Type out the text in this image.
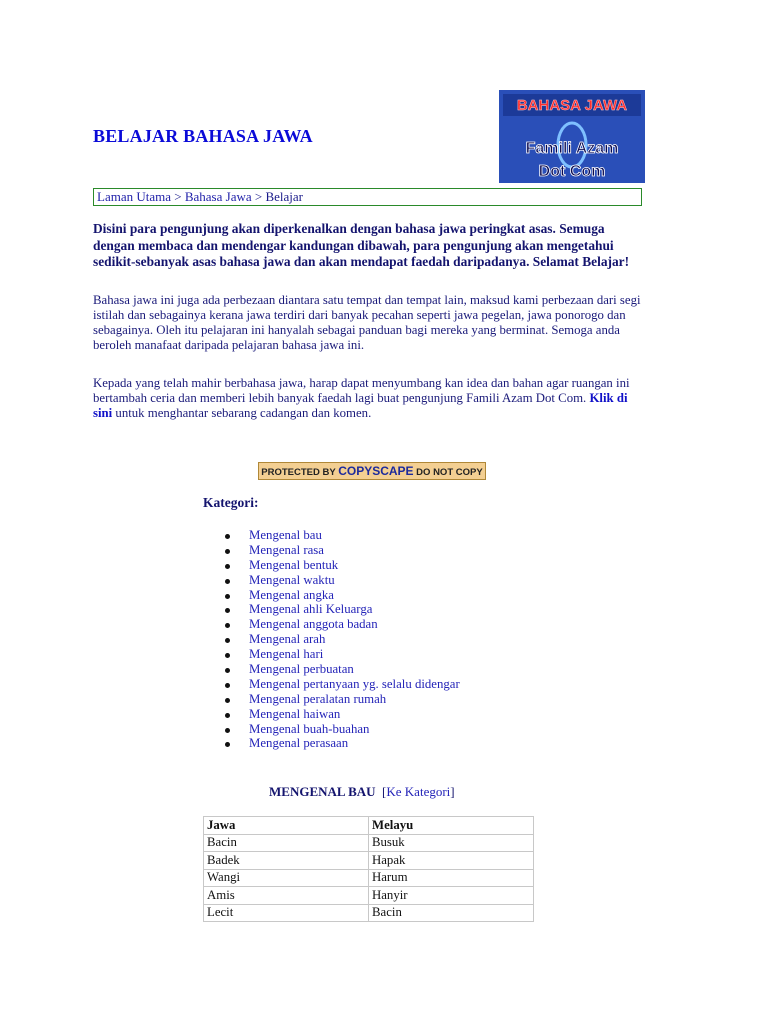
BELAJAR BAHASA JAWA
BAHASA JAWA
Famili Azam
Dot Com
Laman Utama > Bahasa Jawa > Belajar
Disini para pengunjung akan diperkenalkan dengan bahasa jawa peringkat asas. Semuga dengan membaca dan mendengar kandungan dibawah, para pengunjung akan mengetahui sedikit-sebanyak asas bahasa jawa dan akan mendapat faedah daripadanya. Selamat Belajar!
Bahasa jawa ini juga ada perbezaan diantara satu tempat dan tempat lain, maksud kami perbezaan dari segi istilah dan sebagainya kerana jawa terdiri dari banyak pecahan seperti jawa pegelan, jawa ponorogo dan sebagainya. Oleh itu pelajaran ini hanyalah sebagai panduan bagi mereka yang berminat. Semoga anda beroleh manafaat daripada pelajaran bahasa jawa ini.
Kepada yang telah mahir berbahasa jawa, harap dapat menyumbang kan idea dan bahan agar ruangan ini bertambah ceria dan memberi lebih banyak faedah lagi buat pengunjung Famili Azam Dot Com. Klik di sini untuk menghantar sebarang cadangan dan komen.
PROTECTED BY COPYSCAPE DO NOT COPY
Kategori:
Mengenal bau
Mengenal rasa
Mengenal bentuk
Mengenal waktu
Mengenal angka
Mengenal ahli Keluarga
Mengenal anggota badan
Mengenal arah
Mengenal hari
Mengenal perbuatan
Mengenal pertanyaan yg. selalu didengar
Mengenal peralatan rumah
Mengenal haiwan
Mengenal buah-buahan
Mengenal perasaan
MENGENAL BAU [Ke Kategori]
Jawa	Melayu
Bacin	Busuk
Badek	Hapak
Wangi	Harum
Amis	Hanyir
Lecit	Bacin
